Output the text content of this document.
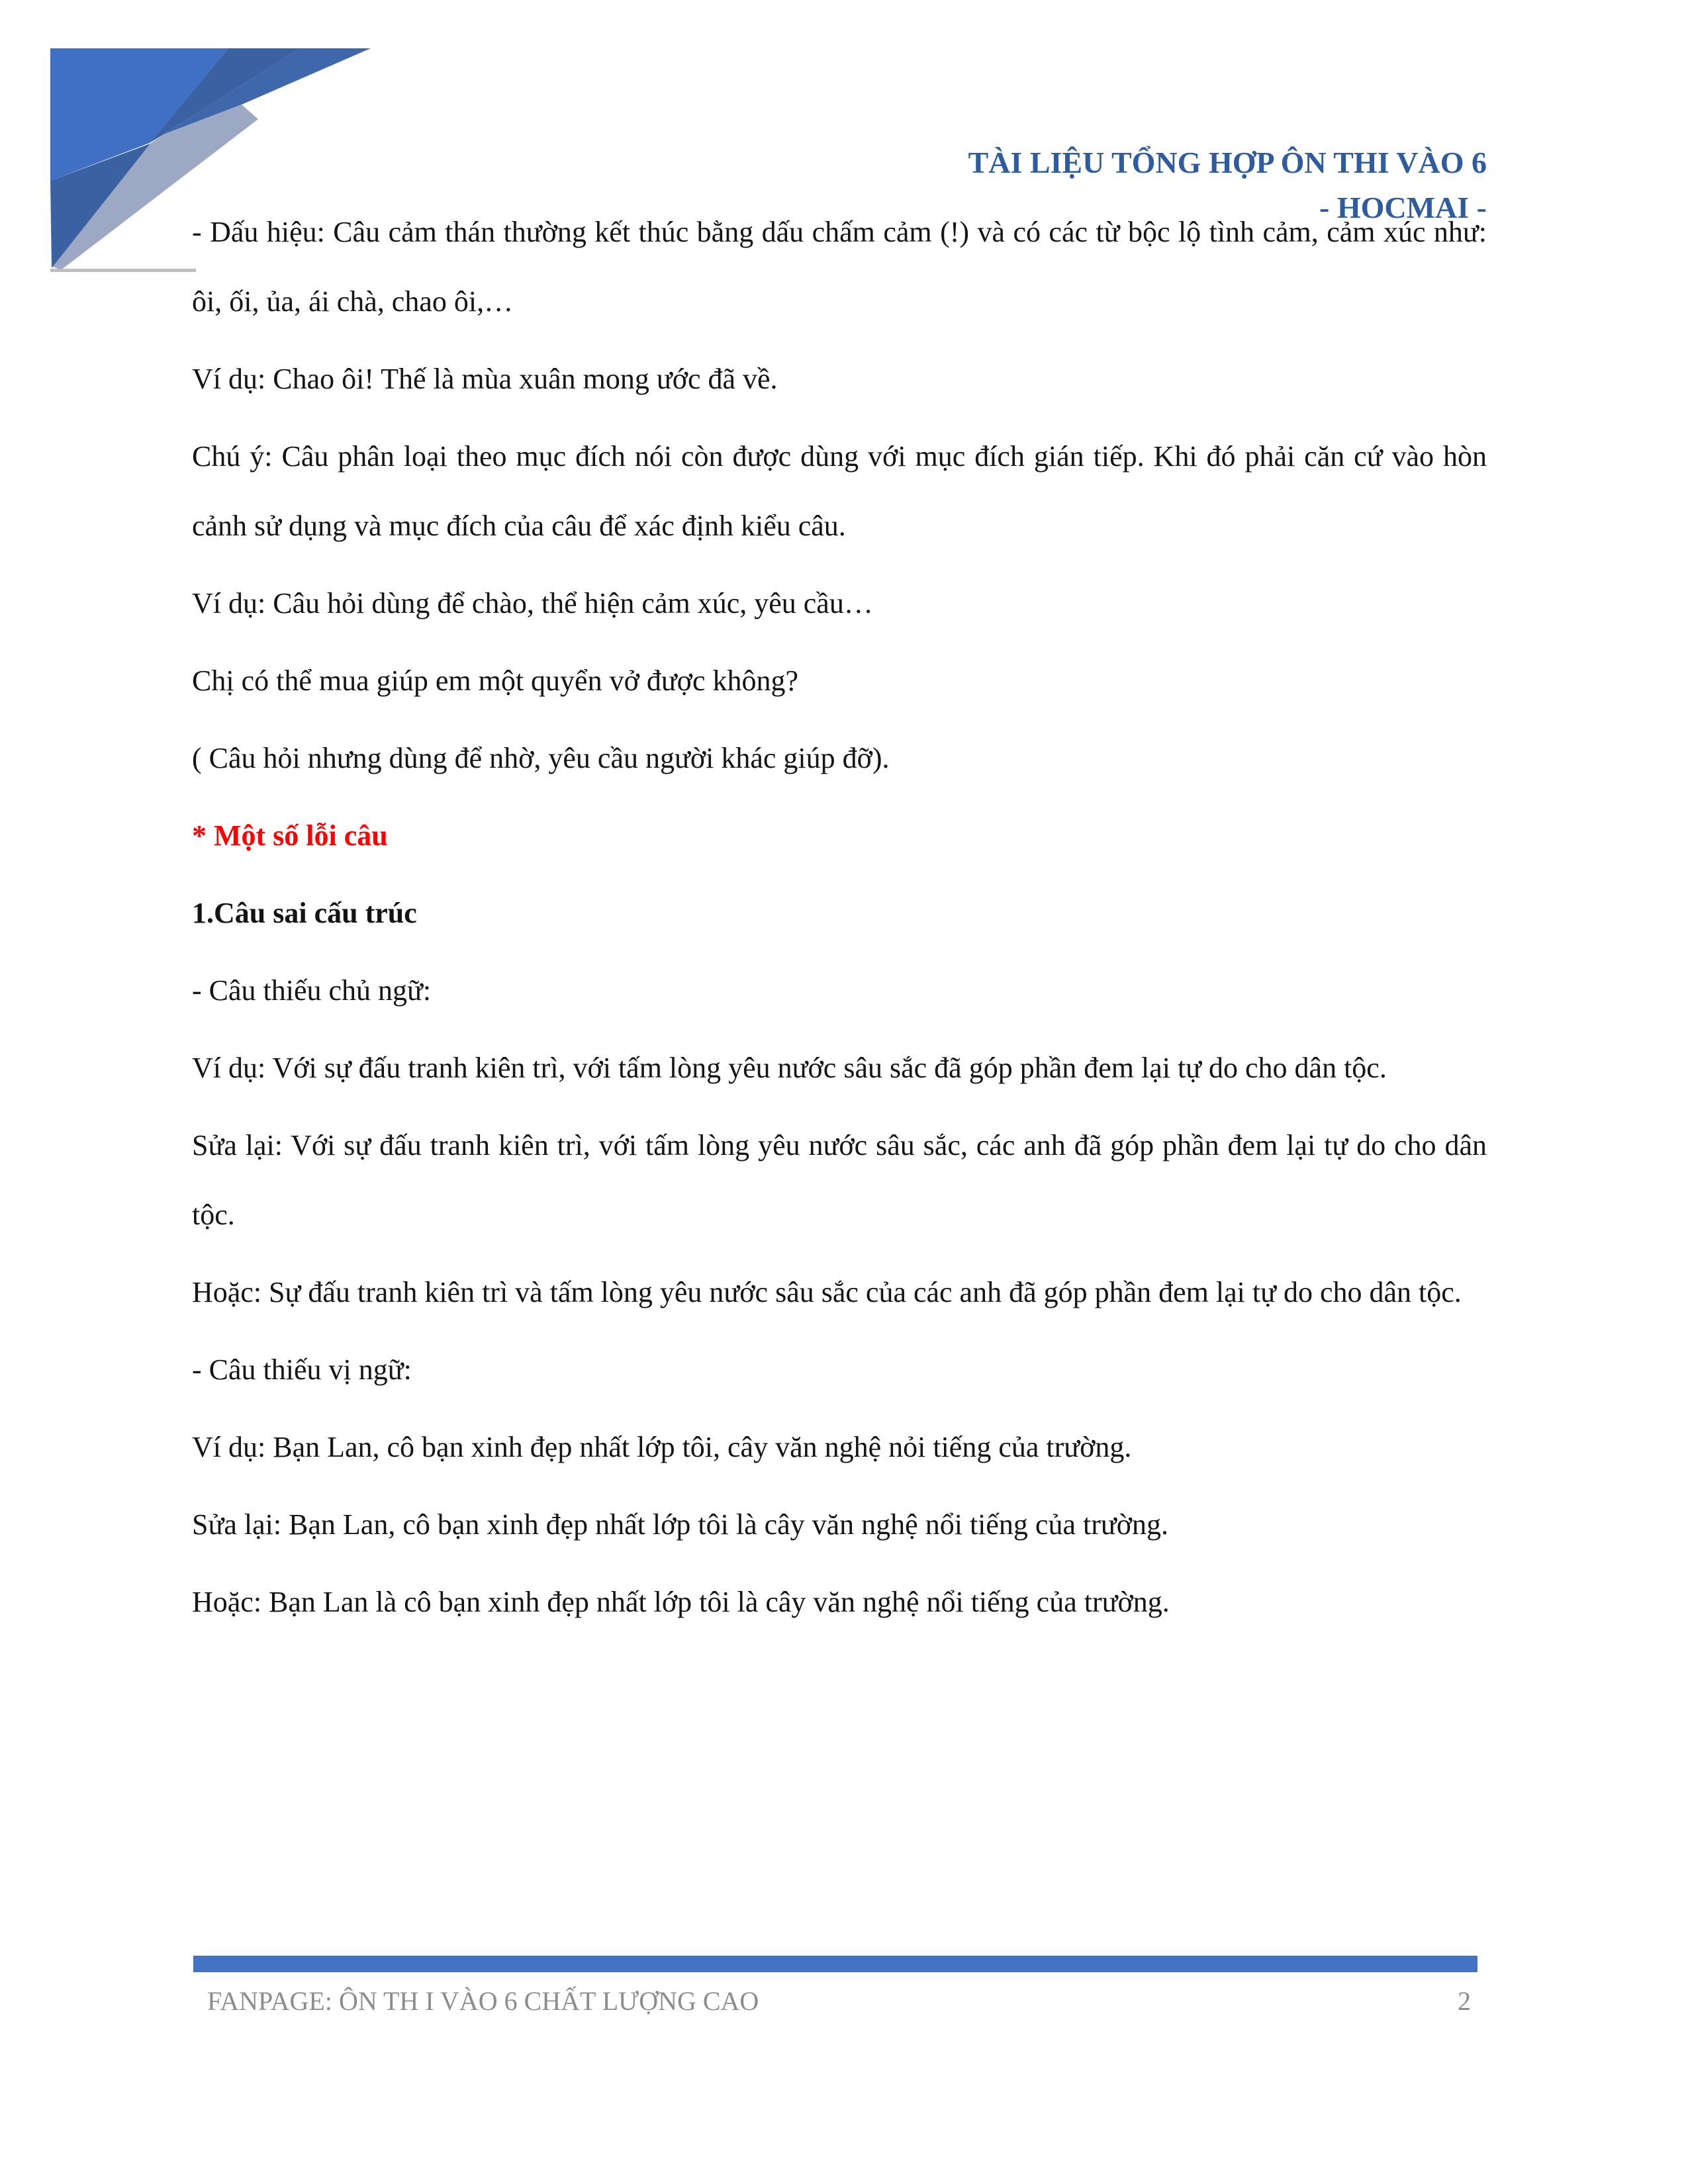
TÀI LIỆU TỔNG HỢP ÔN THI VÀO 6
- HOCMAI -

- Dấu hiệu: Câu cảm thán thường kết thúc bằng dấu chấm cảm (!) và có các từ bộc lộ tình cảm, cảm xúc như: ôi, ối, ủa, ái chà, chao ôi,…

Ví dụ: Chao ôi! Thế là mùa xuân mong ước đã về.

Chú ý: Câu phân loại theo mục đích nói còn được dùng với mục đích gián tiếp. Khi đó phải căn cứ vào hòn cảnh sử dụng và mục đích của câu để xác định kiểu câu.

Ví dụ: Câu hỏi dùng để chào, thể hiện cảm xúc, yêu cầu…

Chị có thể mua giúp em một quyển vở được không?

( Câu hỏi nhưng dùng để nhờ, yêu cầu người khác giúp đỡ).

* Một số lỗi câu

1.Câu sai cấu trúc

- Câu thiếu chủ ngữ:

Ví dụ: Với sự đấu tranh kiên trì, với tấm lòng yêu nước sâu sắc đã góp phần đem lại tự do cho dân tộc.

Sửa lại: Với sự đấu tranh kiên trì, với tấm lòng yêu nước sâu sắc, các anh đã góp phần đem lại tự do cho dân tộc.

Hoặc: Sự đấu tranh kiên trì và tấm lòng yêu nước sâu sắc của các anh đã góp phần đem lại tự do cho dân tộc.

- Câu thiếu vị ngữ:

Ví dụ: Bạn Lan, cô bạn xinh đẹp nhất lớp tôi, cây văn nghệ nỏi tiếng của trường.

Sửa lại: Bạn Lan, cô bạn xinh đẹp nhất lớp tôi là cây văn nghệ nổi tiếng của trường.

Hoặc: Bạn Lan là cô bạn xinh đẹp nhất lớp tôi là cây văn nghệ nổi tiếng của trường.

FANPAGE: ÔN TH I VÀO 6 CHẤT LƯỢNG CAO	2
